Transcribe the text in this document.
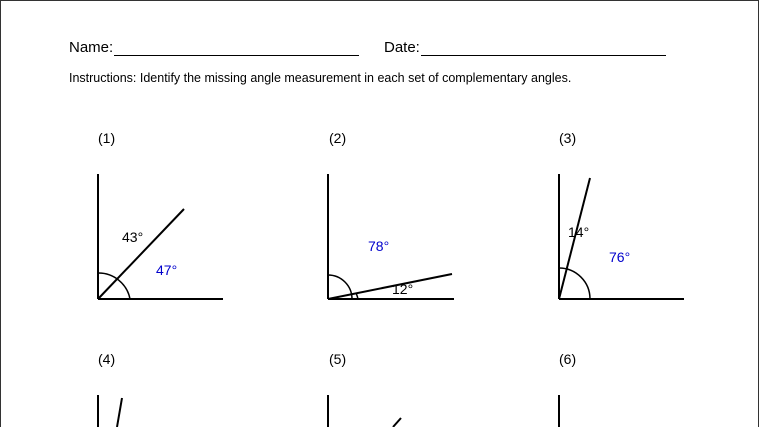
Name:	Date:
Instructions: Identify the missing angle measurement in each set of complementary angles.
(1)	(2)	(3)
(4)	(5)	(6)
43°
47°
78°
12°
14°
76°
